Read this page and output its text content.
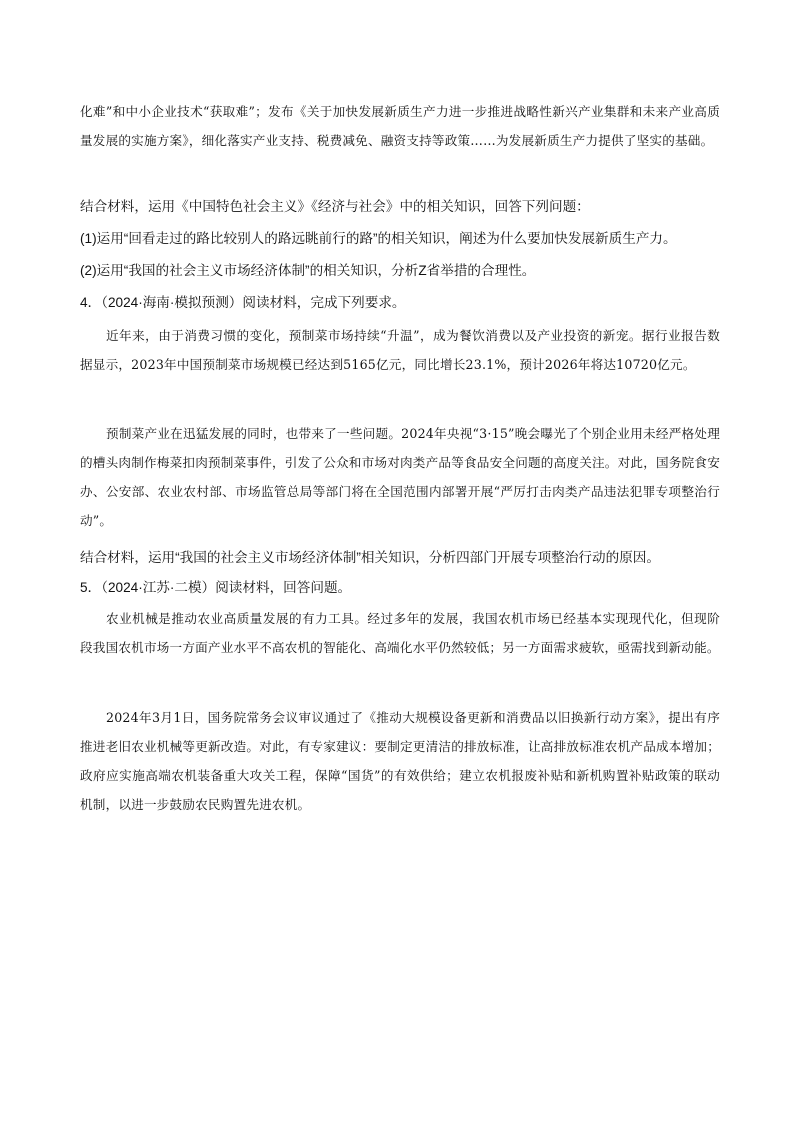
化难”和中小企业技术“获取难”；发布《关于加快发展新质生产力进一步推进战略性新兴产业集群和未来产业高质量发展的实施方案》，细化落实产业支持、税费减免、融资支持等政策……为发展新质生产力提供了坚实的基础。

结合材料，运用《中国特色社会主义》《经济与社会》中的相关知识，回答下列问题：
(1)运用“回看走过的路比较别人的路远眺前行的路”的相关知识，阐述为什么要加快发展新质生产力。
(2)运用“我国的社会主义市场经济体制”的相关知识，分析Z省举措的合理性。
4．（2024·海南·模拟预测）阅读材料，完成下列要求。

近年来，由于消费习惯的变化，预制菜市场持续“升温”，成为餐饮消费以及产业投资的新宠。据行业报告数据显示，2023年中国预制菜市场规模已经达到5165亿元，同比增长23.1%，预计2026年将达10720亿元。

预制菜产业在迅猛发展的同时，也带来了一些问题。2024年央视“3·15”晚会曝光了个别企业用未经严格处理的槽头肉制作梅菜扣肉预制菜事件，引发了公众和市场对肉类产品等食品安全问题的高度关注。对此，国务院食安办、公安部、农业农村部、市场监管总局等部门将在全国范围内部署开展“严厉打击肉类产品违法犯罪专项整治行动”。

结合材料，运用“我国的社会主义市场经济体制”相关知识，分析四部门开展专项整治行动的原因。
5．（2024·江苏·二模）阅读材料，回答问题。

农业机械是推动农业高质量发展的有力工具。经过多年的发展，我国农机市场已经基本实现现代化，但现阶段我国农机市场一方面产业水平不高农机的智能化、高端化水平仍然较低；另一方面需求疲软，亟需找到新动能。

2024年3月1日，国务院常务会议审议通过了《推动大规模设备更新和消费品以旧换新行动方案》，提出有序推进老旧农业机械等更新改造。对此，有专家建议：要制定更清洁的排放标准，让高排放标准农机产品成本增加；政府应实施高端农机装备重大攻关工程，保障“国货”的有效供给；建立农机报废补贴和新机购置补贴政策的联动机制，以进一步鼓励农民购置先进农机。
